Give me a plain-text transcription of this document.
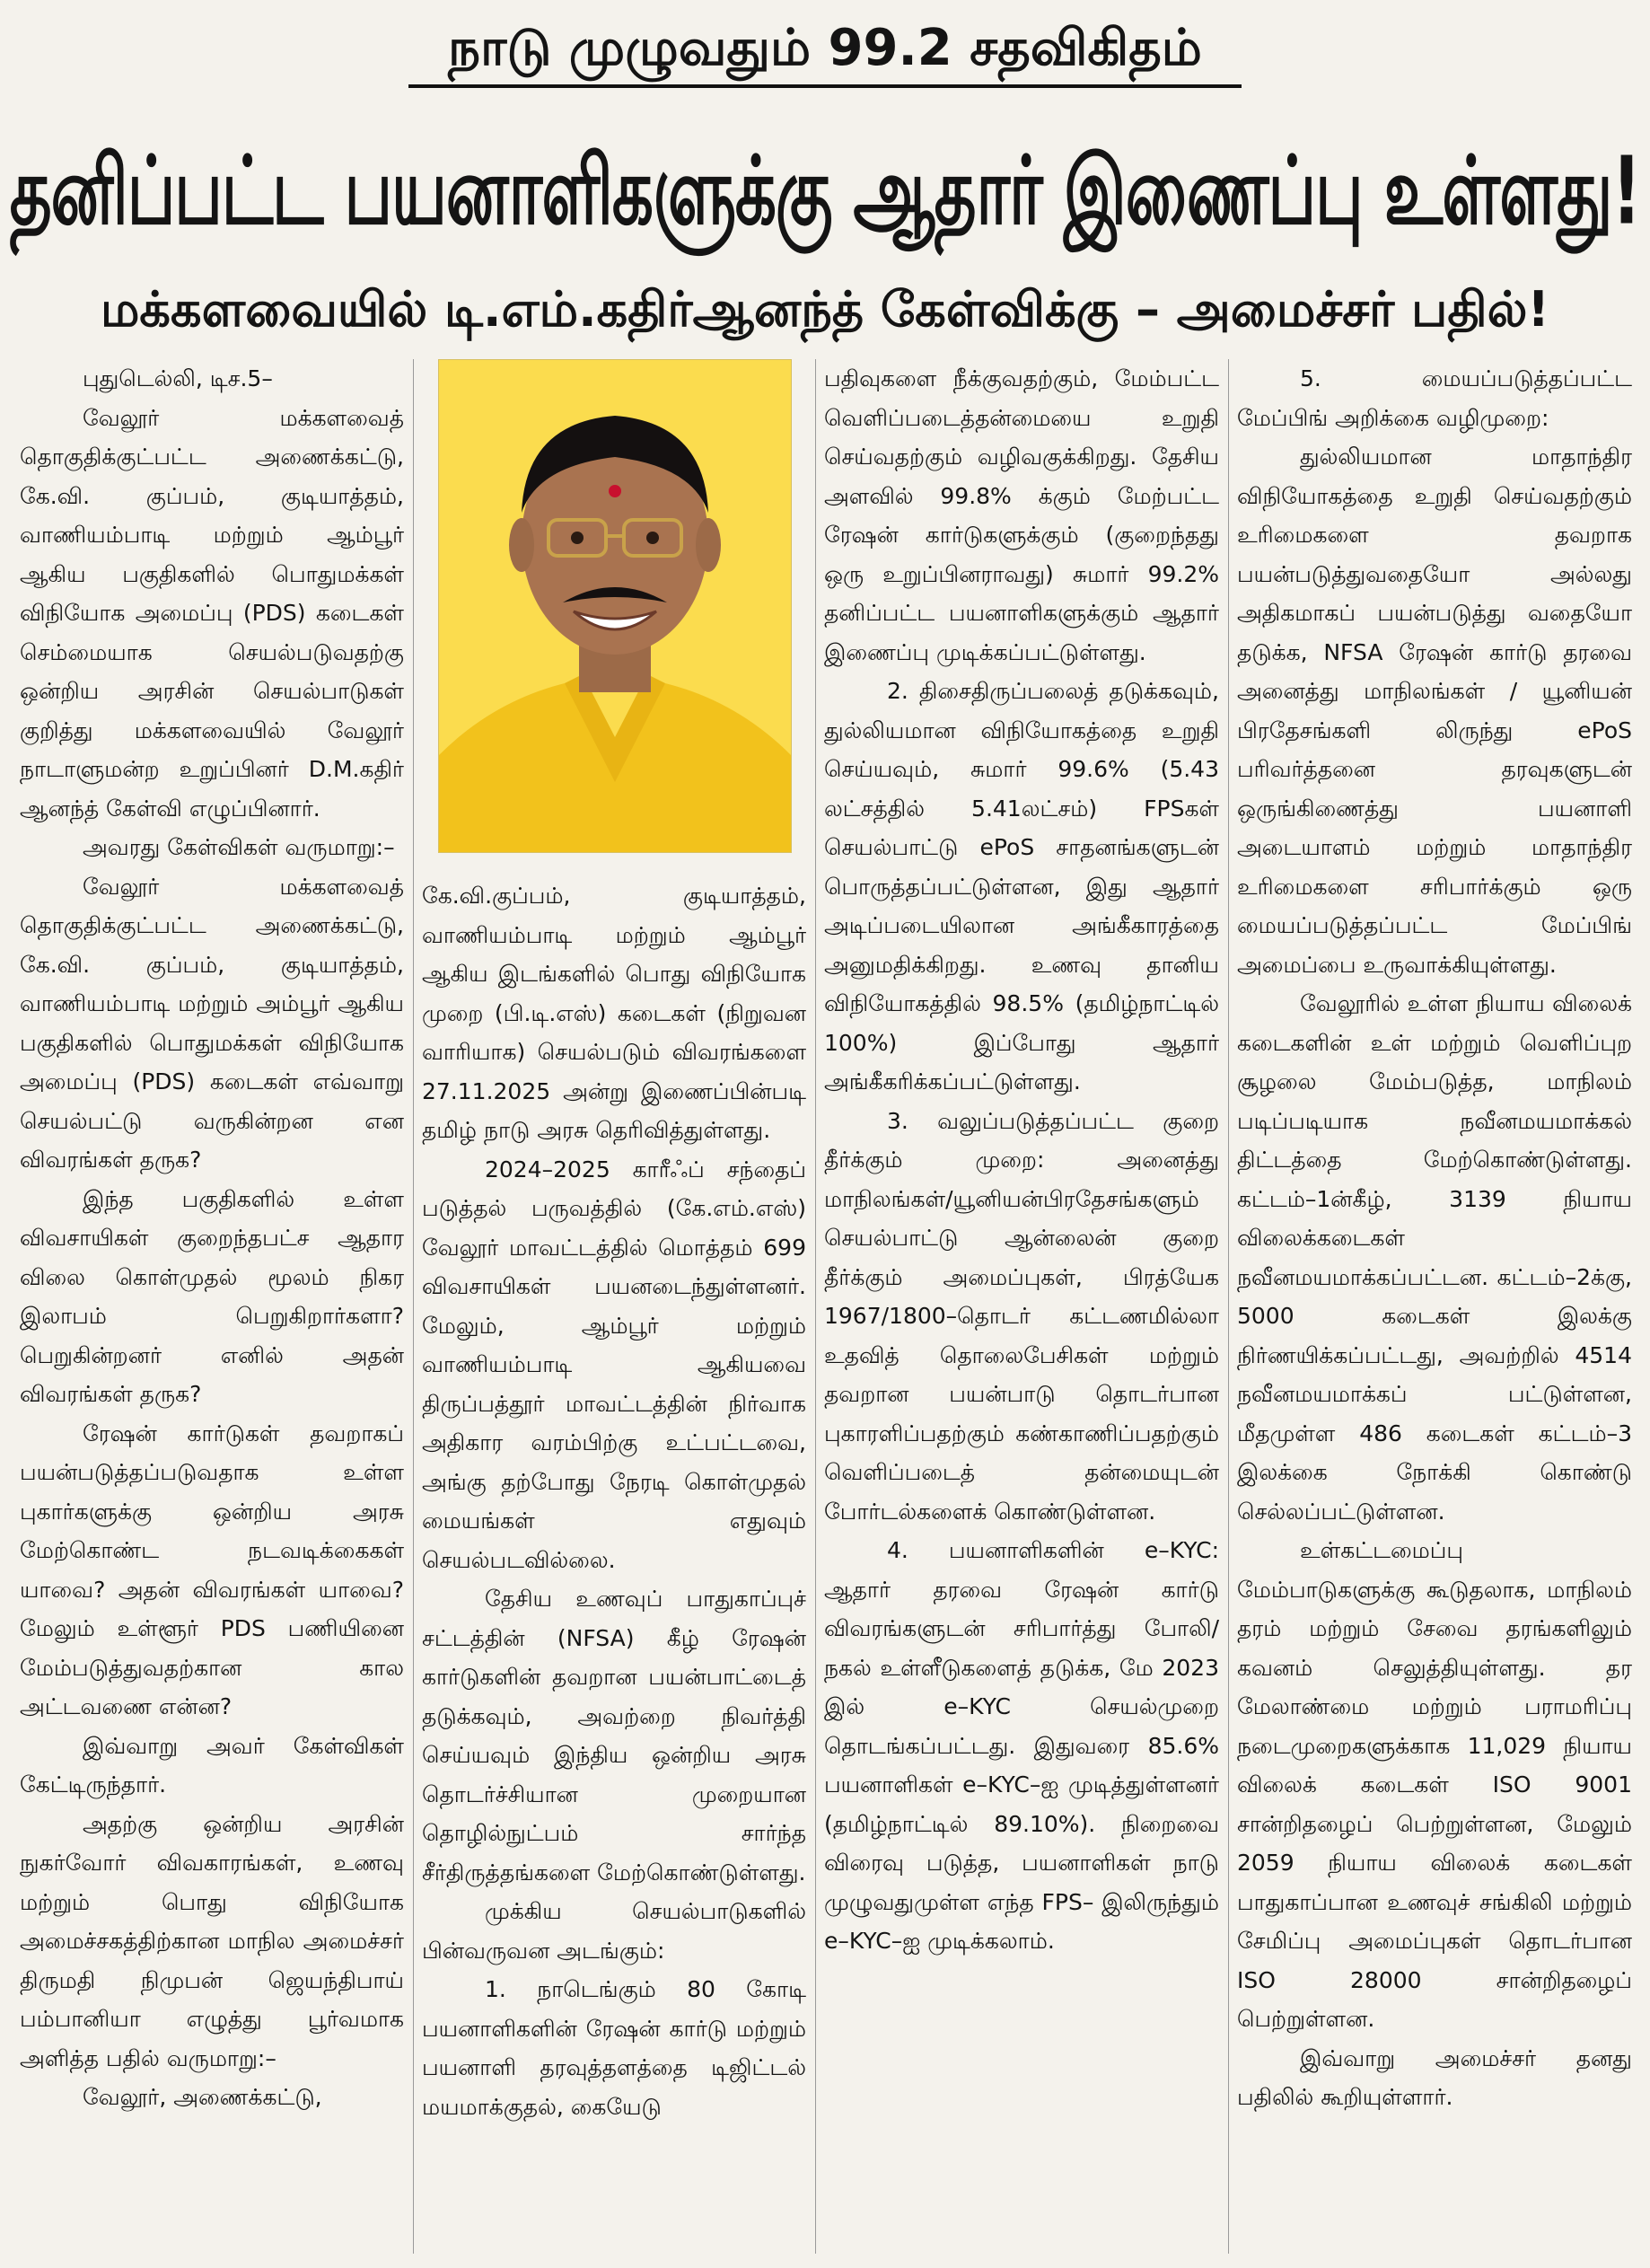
நாடு முழுவதும் 99.2 சதவிகிதம்
தனிப்பட்ட பயனாளிகளுக்கு ஆதார் இணைப்பு உள்ளது!
மக்களவையில் டி.எம்.கதிர்ஆனந்த் கேள்விக்கு – அமைச்சர் பதில்!

புதுடெல்லி, டிச.5–

வேலூர் மக்களவைத் தொகுதிக்குட்பட்ட அணைக்கட்டு, கே.வி. குப்பம், குடியாத்தம், வாணியம்பாடி மற்றும் ஆம்பூர் ஆகிய பகுதிகளில் பொதுமக்கள் விநியோக அமைப்பு (PDS) கடைகள் செம்மையாக செயல்படுவதற்கு ஒன்றிய அரசின் செயல்பாடுகள் குறித்து மக்களவையில் வேலூர் நாடாளுமன்ற உறுப்பினர் D.M.கதிர் ஆனந்த் கேள்வி எழுப்பினார்.

அவரது கேள்விகள் வருமாறு:–

வேலூர் மக்களவைத் தொகுதிக்குட்பட்ட அணைக்கட்டு, கே.வி. குப்பம், குடியாத்தம், வாணியம்பாடி மற்றும் அம்பூர் ஆகிய பகுதிகளில் பொதுமக்கள் விநியோக அமைப்பு (PDS) கடைகள் எவ்வாறு செயல்பட்டு வருகின்றன என விவரங்கள் தருக?

இந்த பகுதிகளில் உள்ள விவசாயிகள் குறைந்தபட்ச ஆதார விலை கொள்முதல் மூலம் நிகர இலாபம் பெறுகிறார்களா? பெறுகின்றனர் எனில் அதன் விவரங்கள் தருக?

ரேஷன் கார்டுகள் தவறாகப் பயன்படுத்தப்படுவதாக உள்ள புகார்களுக்கு ஒன்றிய அரசு மேற்கொண்ட நடவடிக்கைகள் யாவை? அதன் விவரங்கள் யாவை? மேலும் உள்ளூர் PDS பணியினை மேம்படுத்துவதற்கான கால அட்டவணை என்ன?

இவ்வாறு அவர் கேள்விகள் கேட்டிருந்தார்.

அதற்கு ஒன்றிய அரசின் நுகர்வோர் விவகாரங்கள், உணவு மற்றும் பொது விநியோக அமைச்சகத்திற்கான மாநில அமைச்சர் திருமதி நிமுபன் ஜெயந்திபாய் பம்பானியா எழுத்து பூர்வமாக அளித்த பதில் வருமாறு:–

வேலூர், அணைக்கட்டு,

கே.வி.குப்பம், குடியாத்தம், வாணியம்பாடி மற்றும் ஆம்பூர் ஆகிய இடங்களில் பொது விநியோக முறை (பி.டி.எஸ்) கடைகள் (நிறுவன வாரியாக) செயல்படும் விவரங்களை 27.11.2025 அன்று இணைப்பின்படி தமிழ் நாடு அரசு தெரிவித்துள்ளது.

2024–2025 காரீஃப் சந்தைப் படுத்தல் பருவத்தில் (கே.எம்.எஸ்) வேலூர் மாவட்டத்தில் மொத்தம் 699 விவசாயிகள் பயனடைந்துள்ளனர். மேலும், ஆம்பூர் மற்றும் வாணியம்பாடி ஆகியவை திருப்பத்தூர் மாவட்டத்தின் நிர்வாக அதிகார வரம்பிற்கு உட்பட்டவை, அங்கு தற்போது நேரடி கொள்முதல் மையங்கள் எதுவும் செயல்படவில்லை.

தேசிய உணவுப் பாதுகாப்புச் சட்டத்தின் (NFSA) கீழ் ரேஷன் கார்டுகளின் தவறான பயன்பாட்டைத் தடுக்கவும், அவற்றை நிவர்த்தி செய்யவும் இந்திய ஒன்றிய அரசு தொடர்ச்சியான முறையான தொழில்நுட்பம் சார்ந்த சீர்திருத்தங்களை மேற்கொண்டுள்ளது.

முக்கிய செயல்பாடுகளில் பின்வருவன அடங்கும்:

1. நாடெங்கும் 80 கோடி பயனாளிகளின் ரேஷன் கார்டு மற்றும் பயனாளி தரவுத்தளத்தை டிஜிட்டல் மயமாக்குதல், கையேடு

பதிவுகளை நீக்குவதற்கும், மேம்பட்ட வெளிப்படைத்தன்மையை உறுதி செய்வதற்கும் வழிவகுக்கிறது. தேசிய அளவில் 99.8% க்கும் மேற்பட்ட ரேஷன் கார்டுகளுக்கும் (குறைந்தது ஒரு உறுப்பினராவது) சுமார் 99.2% தனிப்பட்ட பயனாளிகளுக்கும் ஆதார் இணைப்பு முடிக்கப்பட்டுள்ளது.

2. திசைதிருப்பலைத் தடுக்கவும், துல்லியமான விநியோகத்தை உறுதி செய்யவும், சுமார் 99.6% (5.43 லட்சத்தில் 5.41லட்சம்) FPSகள் செயல்பாட்டு ePoS சாதனங்களுடன் பொருத்தப்பட்டுள்ளன, இது ஆதார் அடிப்படையிலான அங்கீகாரத்தை அனுமதிக்கிறது. உணவு தானிய விநியோகத்தில் 98.5% (தமிழ்நாட்டில் 100%) இப்போது ஆதார் அங்கீகரிக்கப்பட்டுள்ளது.

3. வலுப்படுத்தப்பட்ட குறை தீர்க்கும் முறை: அனைத்து மாநிலங்கள்/யூனியன்பிரதேசங்களும் செயல்பாட்டு ஆன்லைன் குறை தீர்க்கும் அமைப்புகள், பிரத்யேக 1967/1800–தொடர் கட்டணமில்லா உதவித் தொலைபேசிகள் மற்றும் தவறான பயன்பாடு தொடர்பான புகாரளிப்பதற்கும் கண்காணிப்பதற்கும் வெளிப்படைத் தன்மையுடன் போர்டல்களைக் கொண்டுள்ளன.

4. பயனாளிகளின் e–KYC: ஆதார் தரவை ரேஷன் கார்டு விவரங்களுடன் சரிபார்த்து போலி/நகல் உள்ளீடுகளைத் தடுக்க, மே 2023 இல் e–KYC செயல்முறை தொடங்கப்பட்டது. இதுவரை 85.6% பயனாளிகள் e–KYC–ஐ முடித்துள்ளனர் (தமிழ்நாட்டில் 89.10%). நிறைவை விரைவு படுத்த, பயனாளிகள் நாடு முழுவதுமுள்ள எந்த FPS– இலிருந்தும் e–KYC–ஐ முடிக்கலாம்.

5. மையப்படுத்தப்பட்ட மேப்பிங் அறிக்கை வழிமுறை:

துல்லியமான மாதாந்திர விநியோகத்தை உறுதி செய்வதற்கும் உரிமைகளை தவறாக பயன்படுத்துவதையோ அல்லது அதிகமாகப் பயன்படுத்து வதையோ தடுக்க, NFSA ரேஷன் கார்டு தரவை அனைத்து மாநிலங்கள் / யூனியன் பிரதேசங்களி லிருந்து ePoS பரிவர்த்தனை தரவுகளுடன் ஒருங்கிணைத்து பயனாளி அடையாளம் மற்றும் மாதாந்திர உரிமைகளை சரிபார்க்கும் ஒரு மையப்படுத்தப்பட்ட மேப்பிங் அமைப்பை உருவாக்கியுள்ளது.

வேலூரில் உள்ள நியாய விலைக் கடைகளின் உள் மற்றும் வெளிப்புற சூழலை மேம்படுத்த, மாநிலம் படிப்படியாக நவீனமயமாக்கல் திட்டத்தை மேற்கொண்டுள்ளது. கட்டம்–1ன்கீழ், 3139 நியாய விலைக்கடைகள் நவீனமயமாக்கப்பட்டன. கட்டம்–2க்கு, 5000 கடைகள் இலக்கு நிர்ணயிக்கப்பட்டது, அவற்றில் 4514 நவீனமயமாக்கப் பட்டுள்ளன, மீதமுள்ள 486 கடைகள் கட்டம்–3 இலக்கை நோக்கி கொண்டு செல்லப்பட்டுள்ளன.

உள்கட்டமைப்பு மேம்பாடுகளுக்கு கூடுதலாக, மாநிலம் தரம் மற்றும் சேவை தரங்களிலும் கவனம் செலுத்தியுள்ளது. தர மேலாண்மை மற்றும் பராமரிப்பு நடைமுறைகளுக்காக 11,029 நியாய விலைக் கடைகள் ISO 9001 சான்றிதழைப் பெற்றுள்ளன, மேலும் 2059 நியாய விலைக் கடைகள் பாதுகாப்பான உணவுச் சங்கிலி மற்றும் சேமிப்பு அமைப்புகள் தொடர்பான ISO 28000 சான்றிதழைப் பெற்றுள்ளன.

இவ்வாறு அமைச்சர் தனது பதிலில் கூறியுள்ளார்.
